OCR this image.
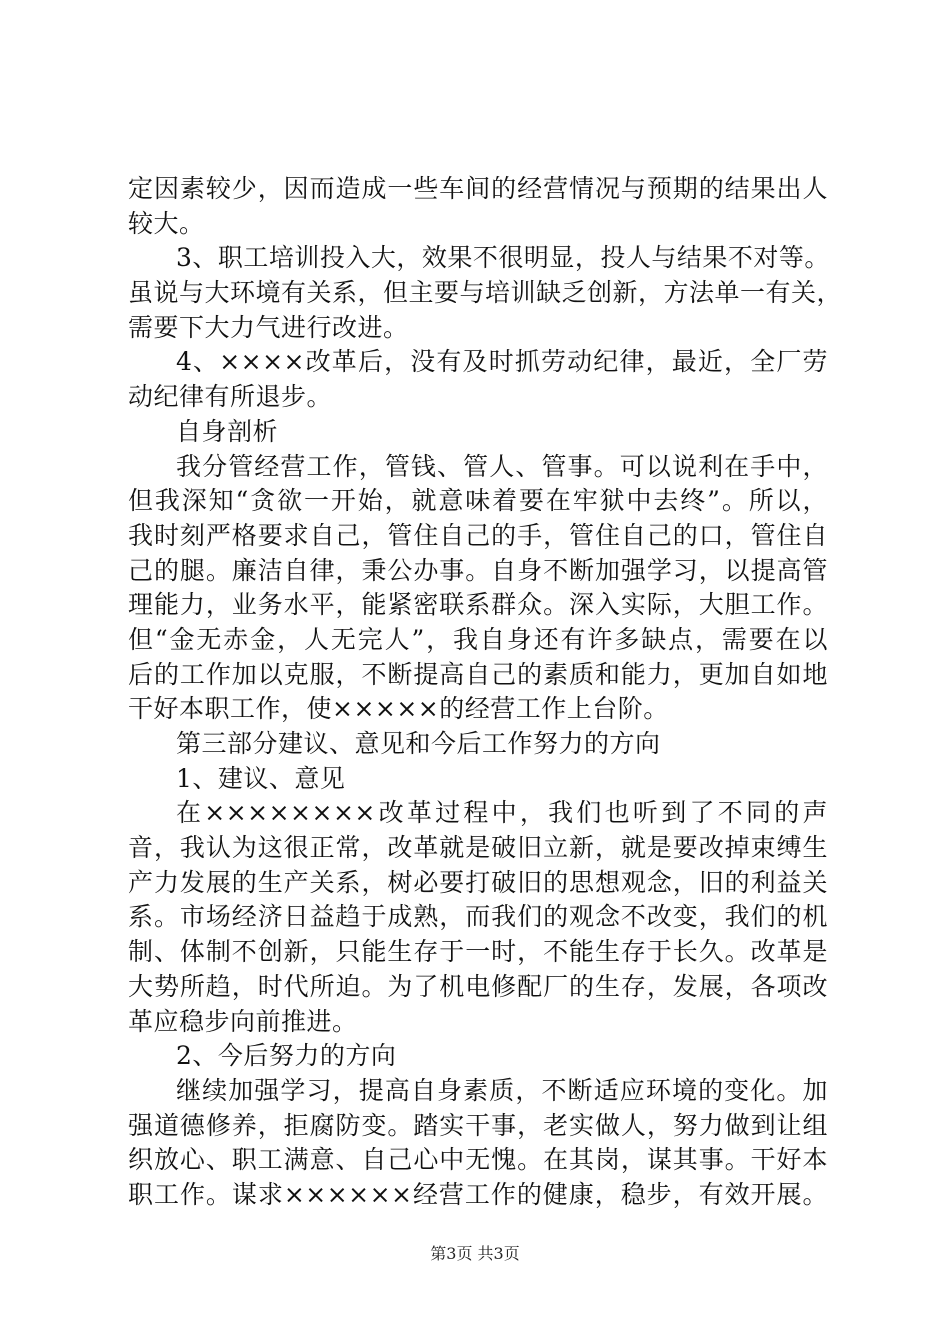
定因素较少，因而造成一些车间的经营情况与预期的结果出人
较大。
3、职工培训投入大，效果不很明显，投人与结果不对等。
虽说与大环境有关系，但主要与培训缺乏创新，方法单一有关，
需要下大力气进行改进。
4、××××改革后，没有及时抓劳动纪律，最近，全厂劳
动纪律有所退步。
自身剖析
我分管经营工作，管钱、管人、管事。可以说利在手中，
但我深知“贪欲一开始，就意味着要在牢狱中去终”。所以，
我时刻严格要求自己，管住自己的手，管住自己的口，管住自
己的腿。廉洁自律，秉公办事。自身不断加强学习，以提高管
理能力，业务水平，能紧密联系群众。深入实际，大胆工作。
但“金无赤金，人无完人”，我自身还有许多缺点，需要在以
后的工作加以克服，不断提高自己的素质和能力，更加自如地
干好本职工作，使×××××的经营工作上台阶。
第三部分建议、意见和今后工作努力的方向
1、建议、意见
在××××××××改革过程中，我们也听到了不同的声
音，我认为这很正常，改革就是破旧立新，就是要改掉束缚生
产力发展的生产关系，树必要打破旧的思想观念，旧的利益关
系。市场经济日益趋于成熟，而我们的观念不改变，我们的机
制、体制不创新，只能生存于一时，不能生存于长久。改革是
大势所趋，时代所迫。为了机电修配厂的生存，发展，各项改
革应稳步向前推进。
2、今后努力的方向
继续加强学习，提高自身素质，不断适应环境的变化。加
强道德修养，拒腐防变。踏实干事，老实做人，努力做到让组
织放心、职工满意、自己心中无愧。在其岗，谋其事。干好本
职工作。谋求××××××经营工作的健康，稳步，有效开展。
第3页 共3页
